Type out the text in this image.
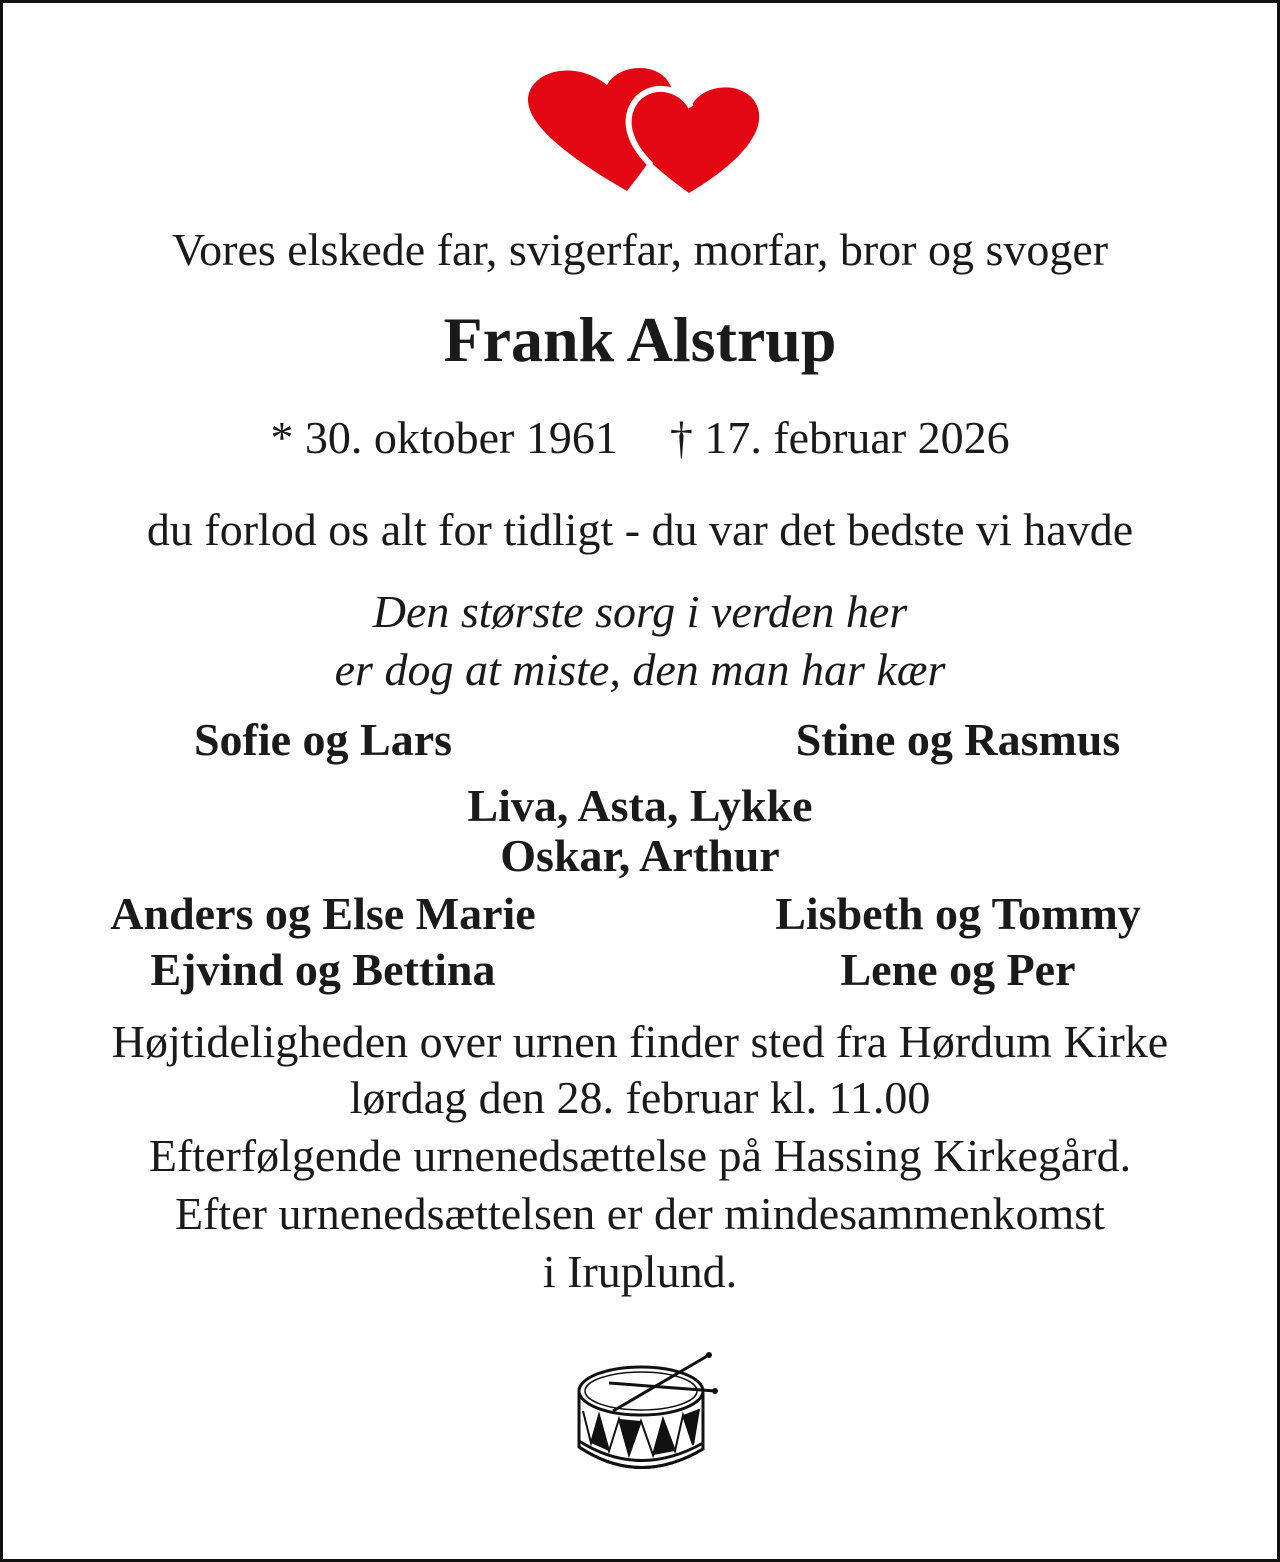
Vores elskede far, svigerfar, morfar, bror og svoger
Frank Alstrup
* 30. oktober 1961 † 17. februar 2026
du forlod os alt for tidligt - du var det bedste vi havde
Den største sorg i verden her
er dog at miste, den man har kær
Sofie og Lars	Stine og Rasmus
Liva, Asta, Lykke
Oskar, Arthur
Anders og Else Marie	Lisbeth og Tommy
Ejvind og Bettina	Lene og Per
Højtideligheden over urnen finder sted fra Hørdum Kirke
lørdag den 28. februar kl. 11.00
Efterfølgende urnenedsættelse på Hassing Kirkegård.
Efter urnenedsættelsen er der mindesammenkomst
i Iruplund.
